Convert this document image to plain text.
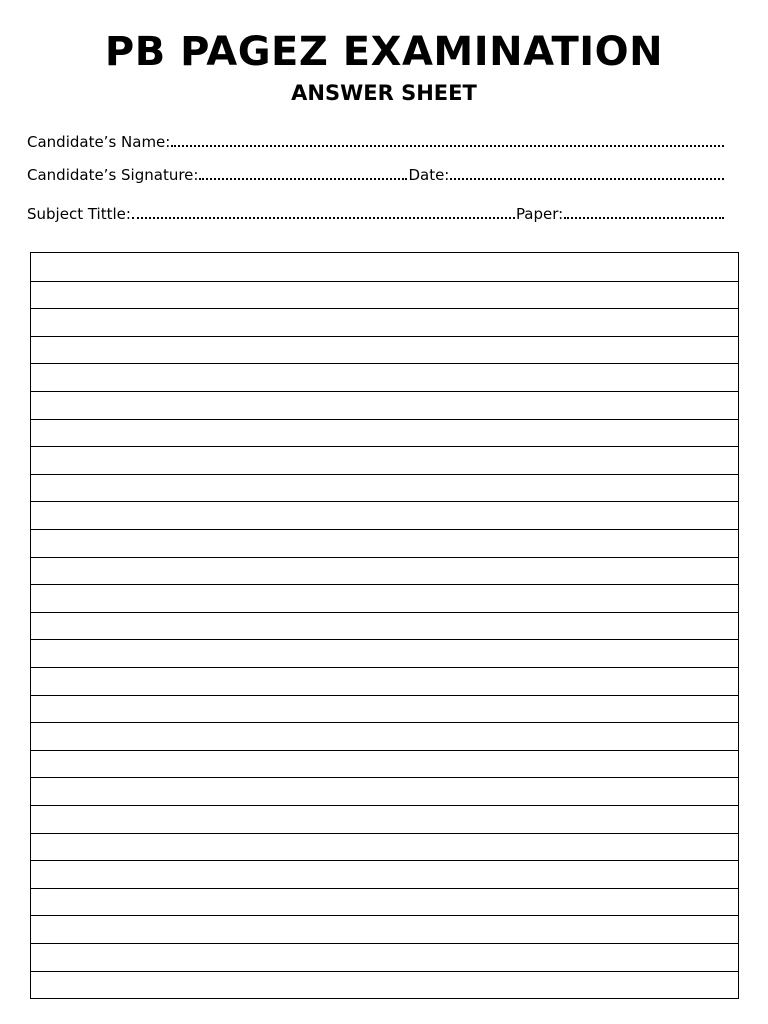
PB PAGEZ EXAMINATION
ANSWER SHEET
Candidate’s Name:
Candidate’s Signature:	Date:
Subject Tittle:	Paper:
